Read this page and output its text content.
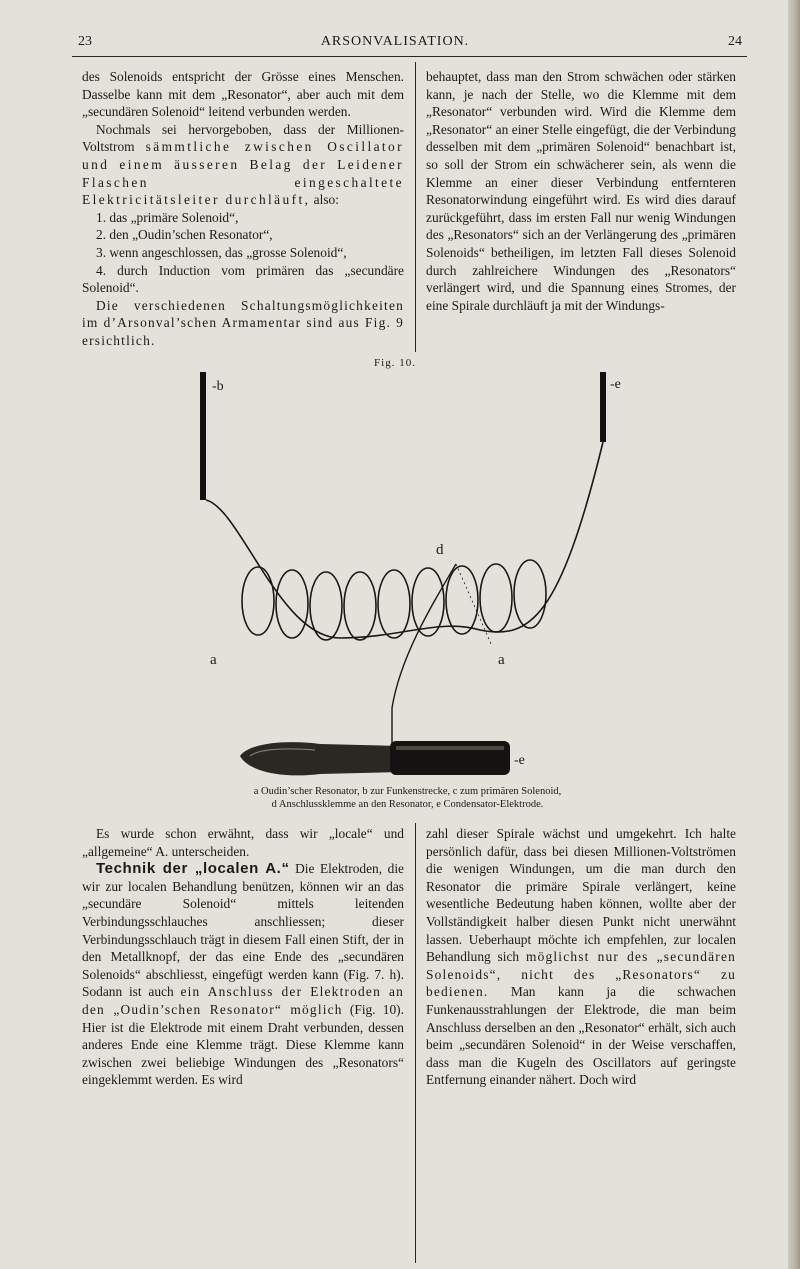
23	ARSONVALISATION.	24

des Solenoids entspricht der Grösse eines Menschen. Dasselbe kann mit dem „Resonator“, aber auch mit dem „secundären Solenoid“ leitend verbunden werden.

Nochmals sei hervorgeboben, dass der Millionen-Voltstrom sämmtliche zwischen Oscillator und einem äusseren Belag der Leidener Flaschen eingeschaltete Elektricitätsleiter durchläuft, also:

1. das „primäre Solenoid“,

2. den „Oudin’schen Resonator“,

3. wenn angeschlossen, das „grosse Solenoid“,

4. durch Induction vom primären das „secundäre Solenoid“.

Die verschiedenen Schaltungsmöglichkeiten im d’Arsonval’schen Armamentar sind aus Fig. 9 ersichtlich.

behauptet, dass man den Strom schwächen oder stärken kann, je nach der Stelle, wo die Klemme mit dem „Resonator“ verbunden wird. Wird die Klemme dem „Resonator“ an einer Stelle eingefügt, die der Verbindung desselben mit dem „primären Solenoid“ benachbart ist, so soll der Strom ein schwächerer sein, als wenn die Klemme an einer dieser Verbindung entfernteren Resonatorwindung eingeführt wird. Es wird dies darauf zurückgeführt, dass im ersten Fall nur wenig Windungen des „Resonators“ sich an der Verlängerung des „primären Solenoids“ betheiligen, im letzten Fall dieses Solenoid durch zahlreichere Windungen des „Resonators“ verlängert wird, und die Spannung eines Stromes, der eine Spirale durchläuft ja mit der Windungs-

Fig. 10.
-b	-e
d
a	a
-e
a Oudin’scher Resonator, b zur Funkenstrecke, c zum primären Solenoid,
d Anschlussklemme an den Resonator, e Condensator-Elektrode.

Es wurde schon erwähnt, dass wir „locale“ und „allgemeine“ A. unterscheiden.

Technik der „localen A.“ Die Elektroden, die wir zur localen Behandlung benützen, können wir an das „secundäre Solenoid“ mittels leitenden Verbindungsschlauches anschliessen; dieser Verbindungsschlauch trägt in diesem Fall einen Stift, der in den Metallknopf, der das eine Ende des „secundären Solenoids“ abschliesst, eingefügt werden kann (Fig. 7. h). Sodann ist auch ein Anschluss der Elektroden an den „Oudin’schen Resonator“ möglich (Fig. 10). Hier ist die Elektrode mit einem Draht verbunden, dessen anderes Ende eine Klemme trägt. Diese Klemme kann zwischen zwei beliebige Windungen des „Resonators“ eingeklemmt werden. Es wird

zahl dieser Spirale wächst und umgekehrt. Ich halte persönlich dafür, dass bei diesen Millionen-Voltströmen die wenigen Windungen, um die man durch den Resonator die primäre Spirale verlängert, keine wesentliche Bedeutung haben können, wollte aber der Vollständigkeit halber diesen Punkt nicht unerwähnt lassen. Ueberhaupt möchte ich empfehlen, zur localen Behandlung sich möglichst nur des „secundären Solenoids“, nicht des „Resonators“ zu bedienen. Man kann ja die schwachen Funkenausstrahlungen der Elektrode, die man beim Anschluss derselben an den „Resonator“ erhält, sich auch beim „secundären Solenoid“ in der Weise verschaffen, dass man die Kugeln des Oscillators auf geringste Entfernung einander nähert. Doch wird
